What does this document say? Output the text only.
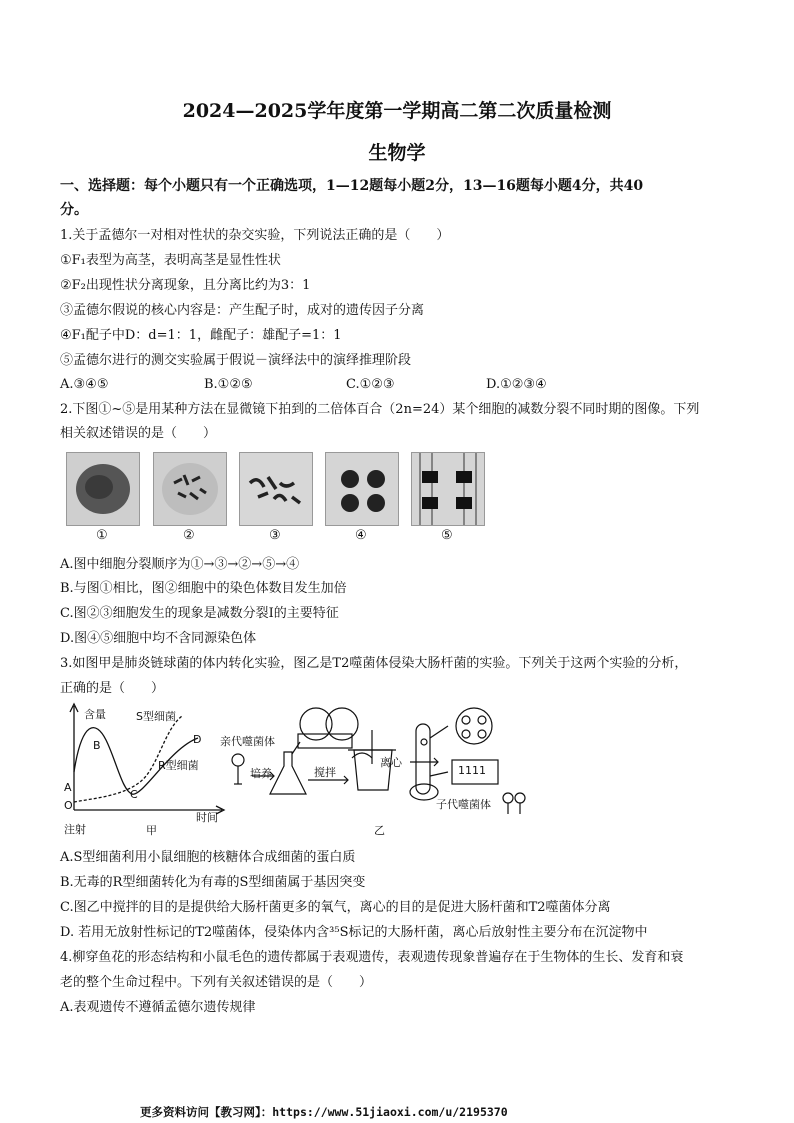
2024—2025学年度第一学期高二第二次质量检测
生物学
一、选择题：每个小题只有一个正确选项，1—12题每小题2分，13—16题每小题4分，共40
分。
1.关于孟德尔一对相对性状的杂交实验，下列说法正确的是（　　）
①F₁表型为高茎，表明高茎是显性性状
②F₂出现性状分离现象，且分离比约为3：1
③孟德尔假说的核心内容是：产生配子时，成对的遗传因子分离
④F₁配子中D：d=1：1，雌配子：雄配子=1：1
⑤孟德尔进行的测交实验属于假说－演绎法中的演绎推理阶段
A.③④⑤	B.①②⑤	C.①②③	D.①②③④
2.下图①~⑤是用某种方法在显微镜下拍到的二倍体百合（2n=24）某个细胞的减数分裂不同时期的图像。下列
相关叙述错误的是（　　）
①	②	③	④	⑤
A.图中细胞分裂顺序为①→③→②→⑤→④
B.与图①相比，图②细胞中的染色体数目发生加倍
C.图②③细胞发生的现象是减数分裂Ⅰ的主要特征
D.图④⑤细胞中均不含同源染色体
3.如图甲是肺炎链球菌的体内转化实验，图乙是T2噬菌体侵染大肠杆菌的实验。下列关于这两个实验的分析，
正确的是（　　）
含量	S型细菌
B	D
R型细菌
A
C
O
注射
时间
甲
亲代噬菌体
培养	搅拌
离心
1111
子代噬菌体
乙
A.S型细菌利用小鼠细胞的核糖体合成细菌的蛋白质
B.无毒的R型细菌转化为有毒的S型细菌属于基因突变
C.图乙中搅拌的目的是提供给大肠杆菌更多的氧气，离心的目的是促进大肠杆菌和T2噬菌体分离
D. 若用无放射性标记的T2噬菌体，侵染体内含³⁵S标记的大肠杆菌，离心后放射性主要分布在沉淀物中
4.柳穿鱼花的形态结构和小鼠毛色的遗传都属于表观遗传，表观遗传现象普遍存在于生物体的生长、发育和衰
老的整个生命过程中。下列有关叙述错误的是（　　）
A.表观遗传不遵循孟德尔遗传规律
更多资料访问【教习网】：https://www.51jiaoxi.com/u/2195370
